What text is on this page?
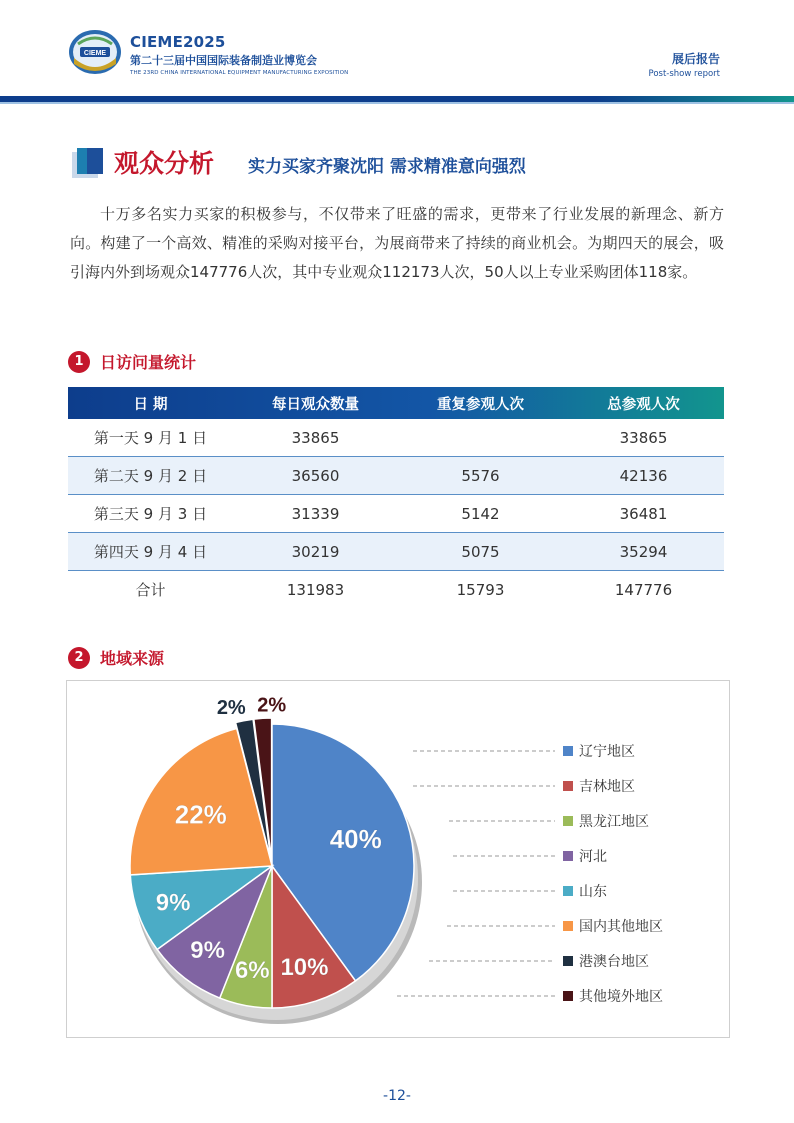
CIEME
CIEME2025
第二十三届中国国际装备制造业博览会
THE 23RD CHINA INTERNATIONAL EQUIPMENT MANUFACTURING EXPOSITION
展后报告
Post-show report
观众分析 实力买家齐聚沈阳 需求精准意向强烈
十万多名实力买家的积极参与，不仅带来了旺盛的需求，更带来了行业发展的新理念、新方向。构建了一个高效、精准的采购对接平台，为展商带来了持续的商业机会。为期四天的展会，吸引海内外到场观众147776人次，其中专业观众112173人次，50人以上专业采购团体118家。
1	日访问量统计
日 期	每日观众数量	重复参观人次	总参观人次
第一天 9 月 1 日	33865		33865
第二天 9 月 2 日	36560	5576	42136
第三天 9 月 3 日	31339	5142	36481
第四天 9 月 4 日	30219	5075	35294
合计	131983	15793	147776
2	地域来源
40%
10%
6%
9%
9%
22%
2% 2%
辽宁地区
吉林地区
黑龙江地区
河北
山东
国内其他地区
港澳台地区
其他境外地区
-12-
